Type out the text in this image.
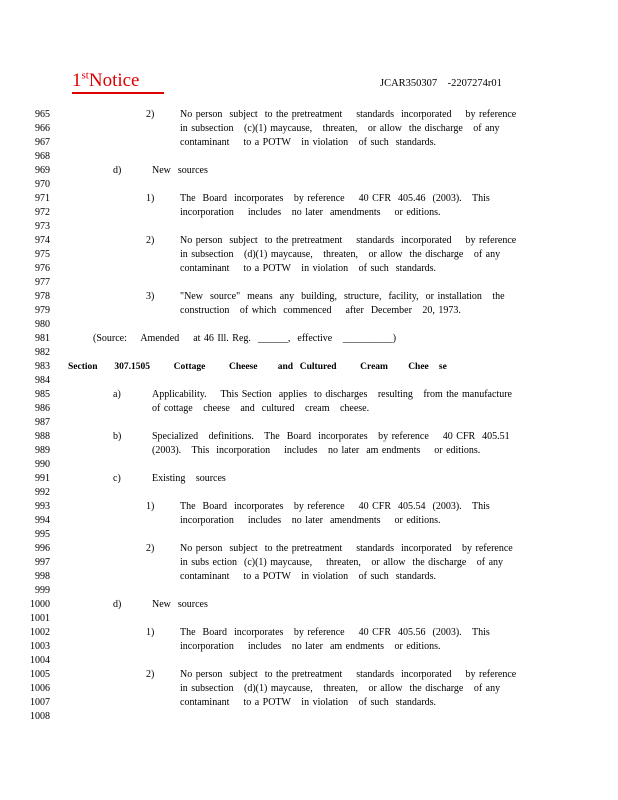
1stNotice	JCAR350307    -2207274r01
965	2)	No person  subject  to the pretreatment    standards  incorporated    by reference
966	in subsection   (c)(1) maycause,   threaten,   or allow  the discharge   of any
967	contaminant    to a POTW   in violation   of such  standards.
968
969	d)	New  sources
970
971	1)	The  Board  incorporates   by reference    40 CFR  405.46  (2003).   This
972	incorporation    includes   no later  amendments    or editions.
973
974	2)	No person  subject  to the pretreatment    standards  incorporated    by reference
975	in subsection   (d)(1) maycause,   threaten,   or allow  the discharge   of any
976	contaminant    to a POTW   in violation   of such  standards.
977
978	3)	"New  source"  means  any  building,  structure,  facility,  or installation   the
979	construction   of which  commenced    after  December   20, 1973.
980
981	(Source:    Amended    at 46 Ill. Reg.  ______,  effective   __________)
982
983 Section     307.1505       Cottage       Cheese      and  Cultured       Cream      Chee   se
984
985	a)	Applicability.    This Section  applies  to discharges   resulting   from the manufacture
986	of cottage   cheese   and  cultured   cream   cheese.
987
988	b)	Specialized   definitions.   The  Board  incorporates   by reference    40 CFR  405.51
989	(2003).   This  incorporation    includes   no later  am endments    or editions.
990
991	c)	Existing   sources
992
993	1)	The  Board  incorporates   by reference    40 CFR  405.54  (2003).   This
994	incorporation    includes   no later  amendments    or editions.
995
996	2)	No person  subject  to the pretreatment    standards  incorporated   by reference
997	in subs ection  (c)(1) maycause,    threaten,   or allow  the discharge   of any
998	contaminant    to a POTW   in violation   of such  standards.
999
1000	d)	New  sources
1001
1002	1)	The  Board  incorporates   by reference    40 CFR  405.56  (2003).   This
1003	incorporation    includes   no later  am endments   or editions.
1004
1005	2)	No person  subject  to the pretreatment    standards  incorporated    by reference
1006	in subsection   (d)(1) maycause,   threaten,   or allow  the discharge   of any
1007	contaminant    to a POTW   in violation   of such  standards.
1008
